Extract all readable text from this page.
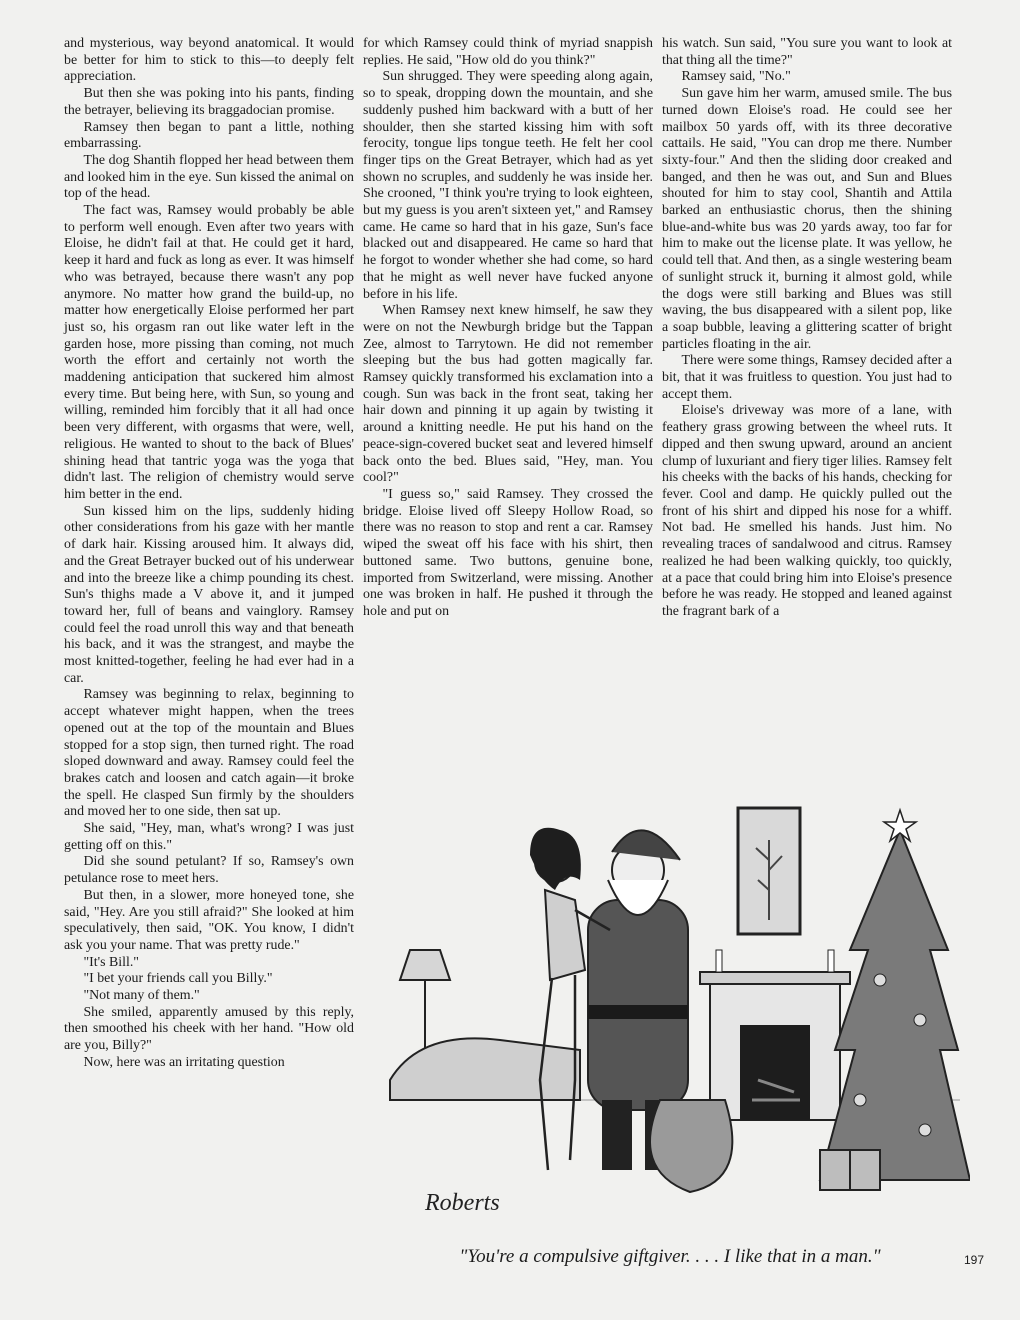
and mysterious, way beyond anatomical. It would be better for him to stick to this—to deeply felt appreciation.

But then she was poking into his pants, finding the betrayer, believing its braggadocian promise.

Ramsey then began to pant a little, nothing embarrassing.

The dog Shantih flopped her head between them and looked him in the eye. Sun kissed the animal on top of the head.

The fact was, Ramsey would probably be able to perform well enough. Even after two years with Eloise, he didn't fail at that. He could get it hard, keep it hard and fuck as long as ever. It was himself who was betrayed, because there wasn't any pop anymore. No matter how grand the build-up, no matter how energetically Eloise performed her part just so, his orgasm ran out like water left in the garden hose, more pissing than coming, not much worth the effort and certainly not worth the maddening anticipation that suckered him almost every time. But being here, with Sun, so young and willing, reminded him forcibly that it all had once been very different, with orgasms that were, well, religious. He wanted to shout to the back of Blues' shining head that tantric yoga was the yoga that didn't last. The religion of chemistry would serve him better in the end.

Sun kissed him on the lips, suddenly hiding other considerations from his gaze with her mantle of dark hair. Kissing aroused him. It always did, and the Great Betrayer bucked out of his underwear and into the breeze like a chimp pounding its chest. Sun's thighs made a V above it, and it jumped toward her, full of beans and vainglory. Ramsey could feel the road unroll this way and that beneath his back, and it was the strangest, and maybe the most knitted-together, feeling he had ever had in a car.

Ramsey was beginning to relax, beginning to accept whatever might happen, when the trees opened out at the top of the mountain and Blues stopped for a stop sign, then turned right. The road sloped downward and away. Ramsey could feel the brakes catch and loosen and catch again—it broke the spell. He clasped Sun firmly by the shoulders and moved her to one side, then sat up.

She said, "Hey, man, what's wrong? I was just getting off on this."

Did she sound petulant? If so, Ramsey's own petulance rose to meet hers.

But then, in a slower, more honeyed tone, she said, "Hey. Are you still afraid?" She looked at him speculatively, then said, "OK. You know, I didn't ask you your name. That was pretty rude."

"It's Bill."

"I bet your friends call you Billy."

"Not many of them."

She smiled, apparently amused by this reply, then smoothed his cheek with her hand. "How old are you, Billy?"

Now, here was an irritating question

for which Ramsey could think of myriad snappish replies. He said, "How old do you think?"

Sun shrugged. They were speeding along again, so to speak, dropping down the mountain, and she suddenly pushed him backward with a butt of her shoulder, then she started kissing him with soft ferocity, tongue lips tongue teeth. He felt her cool finger tips on the Great Betrayer, which had as yet shown no scruples, and suddenly he was inside her. She crooned, "I think you're trying to look eighteen, but my guess is you aren't sixteen yet," and Ramsey came. He came so hard that in his gaze, Sun's face blacked out and disappeared. He came so hard that he forgot to wonder whether she had come, so hard that he might as well never have fucked anyone before in his life.

When Ramsey next knew himself, he saw they were on not the Newburgh bridge but the Tappan Zee, almost to Tarrytown. He did not remember sleeping but the bus had gotten magically far. Ramsey quickly transformed his exclamation into a cough. Sun was back in the front seat, taking her hair down and pinning it up again by twisting it around a knitting needle. He put his hand on the peace-sign-covered bucket seat and levered himself back onto the bed. Blues said, "Hey, man. You cool?"

"I guess so," said Ramsey. They crossed the bridge. Eloise lived off Sleepy Hollow Road, so there was no reason to stop and rent a car. Ramsey wiped the sweat off his face with his shirt, then buttoned same. Two buttons, genuine bone, imported from Switzerland, were missing. Another one was broken in half. He pushed it through the hole and put on

his watch. Sun said, "You sure you want to look at that thing all the time?"

Ramsey said, "No."

Sun gave him her warm, amused smile. The bus turned down Eloise's road. He could see her mailbox 50 yards off, with its three decorative cattails. He said, "You can drop me there. Number sixty-four." And then the sliding door creaked and banged, and then he was out, and Sun and Blues shouted for him to stay cool, Shantih and Attila barked an enthusiastic chorus, then the shining blue-and-white bus was 20 yards away, too far for him to make out the license plate. It was yellow, he could tell that. And then, as a single westering beam of sunlight struck it, burning it almost gold, while the dogs were still barking and Blues was still waving, the bus disappeared with a silent pop, like a soap bubble, leaving a glittering scatter of bright particles floating in the air.

There were some things, Ramsey decided after a bit, that it was fruitless to question. You just had to accept them.

Eloise's driveway was more of a lane, with feathery grass growing between the wheel ruts. It dipped and then swung upward, around an ancient clump of luxuriant and fiery tiger lilies. Ramsey felt his cheeks with the backs of his hands, checking for fever. Cool and damp. He quickly pulled out the front of his shirt and dipped his nose for a whiff. Not bad. He smelled his hands. Just him. No revealing traces of sandalwood and citrus. Ramsey realized he had been walking quickly, too quickly, at a pace that could bring him into Eloise's presence before he was ready. He stopped and leaned against the fragrant bark of a

Roberts
"You're a compulsive giftgiver. . . . I like that in a man."	197
